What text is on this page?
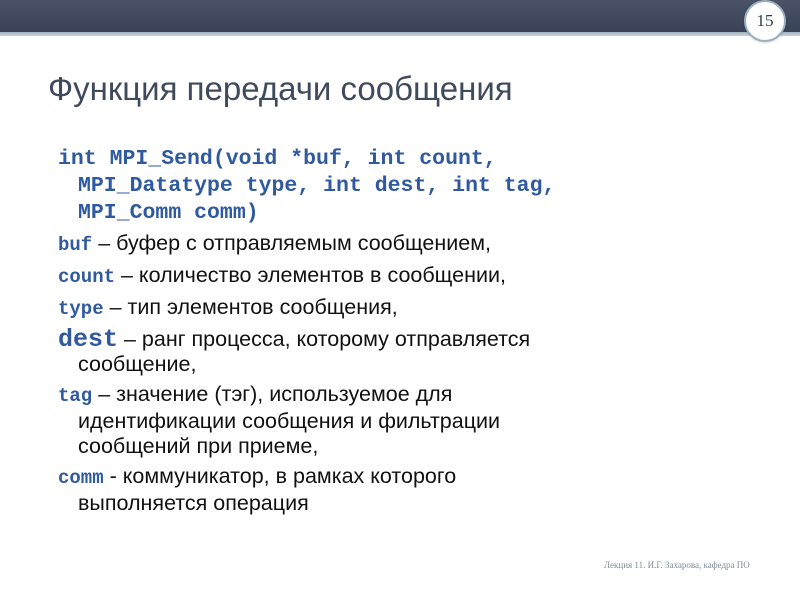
15
Функция передачи сообщения
int MPI_Send(void *buf, int count,
MPI_Datatype type, int dest, int tag,
MPI_Comm comm)
buf – буфер с отправляемым сообщением,
count – количество элементов в сообщении,
type – тип элементов сообщения,
dest – ранг процесса, которому отправляется
сообщение,
tag – значение (тэг), используемое для
идентификации сообщения и фильтрации
сообщений при приеме,
comm - коммуникатор, в рамках которого
выполняется операция
Лекция 11. И.Г. Захарова, кафедра ПО
